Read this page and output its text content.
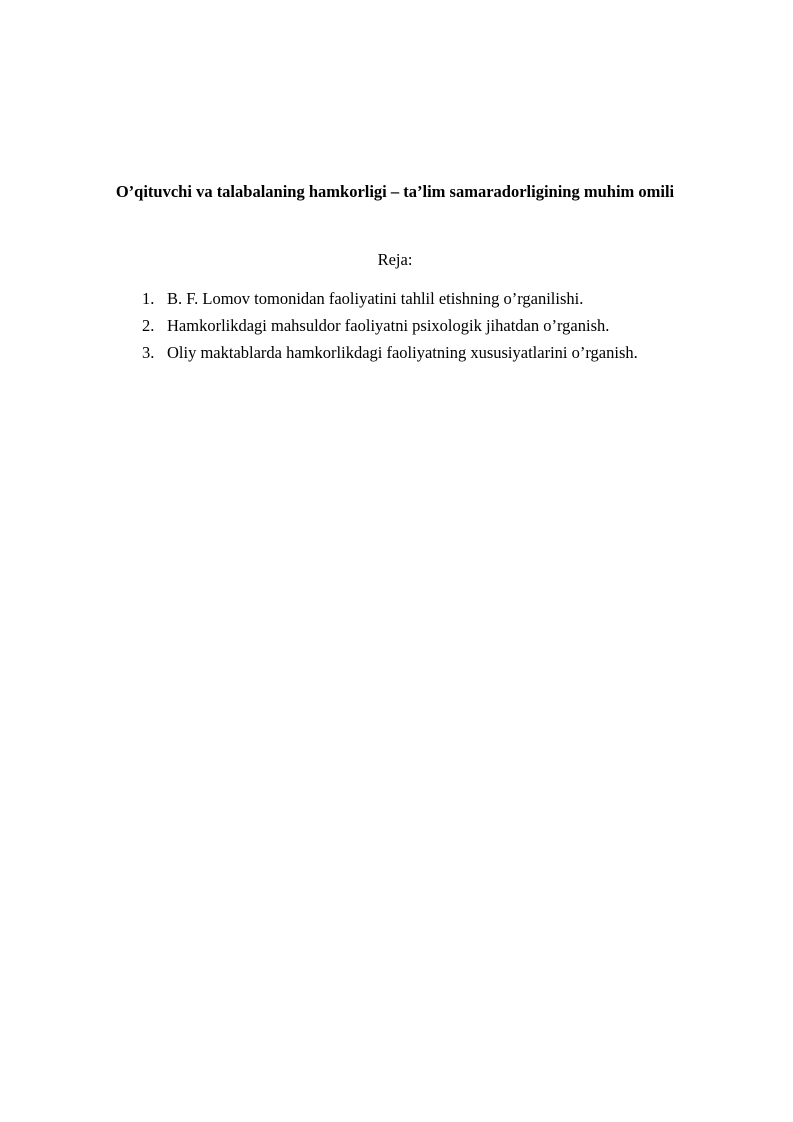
O’qituvchi va talabalaning hamkorligi – ta’lim samaradorligining muhim omili

Reja:

1. B. F. Lomov tomonidan faoliyatini tahlil etishning o’rganilishi.
2. Hamkorlikdagi mahsuldor faoliyatni psixologik jihatdan o’rganish.
3. Oliy maktablarda hamkorlikdagi faoliyatning xususiyatlarini o’rganish.
